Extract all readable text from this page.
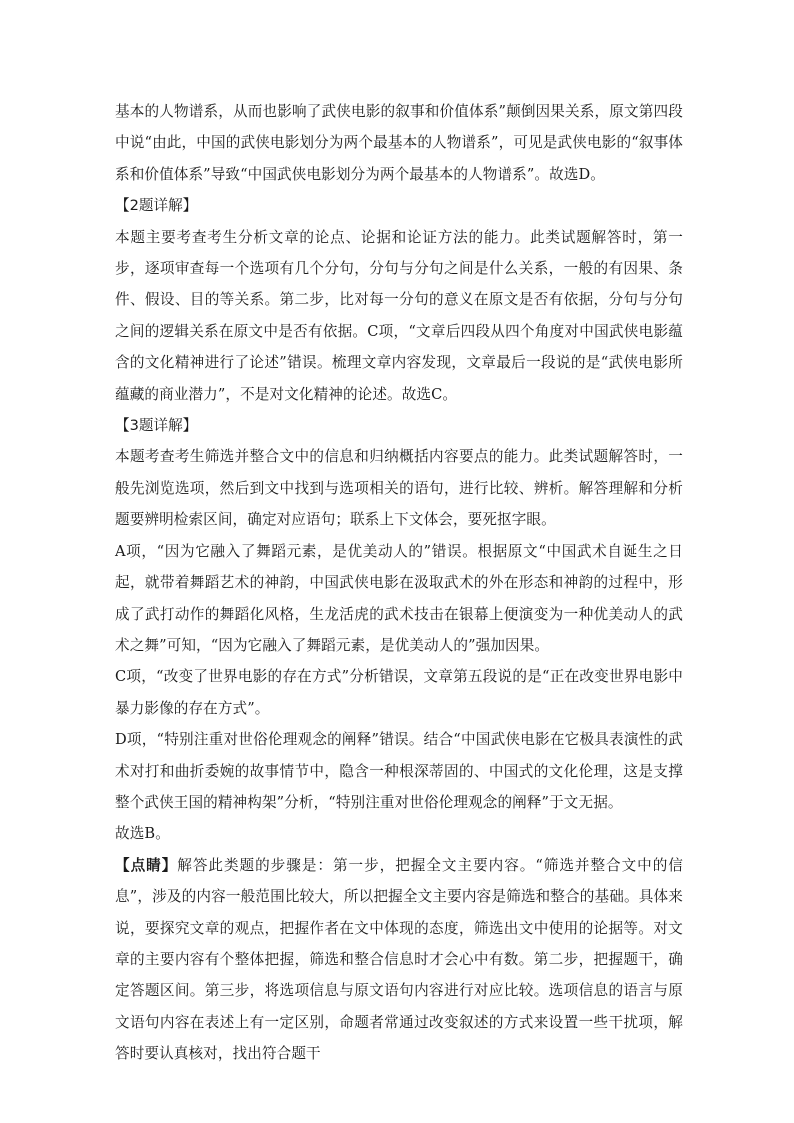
基本的人物谱系，从而也影响了武侠电影的叙事和价值体系”颠倒因果关系，原文第四段中说“由此，中国的武侠电影划分为两个最基本的人物谱系”，可见是武侠电影的“叙事体系和价值体系”导致“中国武侠电影划分为两个最基本的人物谱系”。故选D。

【2题详解】

本题主要考查考生分析文章的论点、论据和论证方法的能力。此类试题解答时，第一步，逐项审查每一个选项有几个分句，分句与分句之间是什么关系，一般的有因果、条件、假设、目的等关系。第二步，比对每一分句的意义在原文是否有依据，分句与分句之间的逻辑关系在原文中是否有依据。C项，“文章后四段从四个角度对中国武侠电影蕴含的文化精神进行了论述”错误。梳理文章内容发现，文章最后一段说的是“武侠电影所蕴藏的商业潜力”，不是对文化精神的论述。故选C。

【3题详解】

本题考查考生筛选并整合文中的信息和归纳概括内容要点的能力。此类试题解答时，一般先浏览选项，然后到文中找到与选项相关的语句，进行比较、辨析。解答理解和分析题要辨明检索区间，确定对应语句；联系上下文体会，要死抠字眼。

A项，“因为它融入了舞蹈元素，是优美动人的”错误。根据原文“中国武术自诞生之日起，就带着舞蹈艺术的神韵，中国武侠电影在汲取武术的外在形态和神韵的过程中，形成了武打动作的舞蹈化风格，生龙活虎的武术技击在银幕上便演变为一种优美动人的武术之舞”可知，“因为它融入了舞蹈元素，是优美动人的”强加因果。

C项，“改变了世界电影的存在方式”分析错误，文章第五段说的是“正在改变世界电影中暴力影像的存在方式”。

D项，“特别注重对世俗伦理观念的阐释”错误。结合“中国武侠电影在它极具表演性的武术对打和曲折委婉的故事情节中，隐含一种根深蒂固的、中国式的文化伦理，这是支撑整个武侠王国的精神构架”分析，“特别注重对世俗伦理观念的阐释”于文无据。

故选B。

【点睛】解答此类题的步骤是：第一步，把握全文主要内容。“筛选并整合文中的信息”，涉及的内容一般范围比较大，所以把握全文主要内容是筛选和整合的基础。具体来说，要探究文章的观点，把握作者在文中体现的态度，筛选出文中使用的论据等。对文章的主要内容有个整体把握，筛选和整合信息时才会心中有数。第二步，把握题干，确定答题区间。第三步，将选项信息与原文语句内容进行对应比较。选项信息的语言与原文语句内容在表述上有一定区别，命题者常通过改变叙述的方式来设置一些干扰项，解答时要认真核对，找出符合题干
